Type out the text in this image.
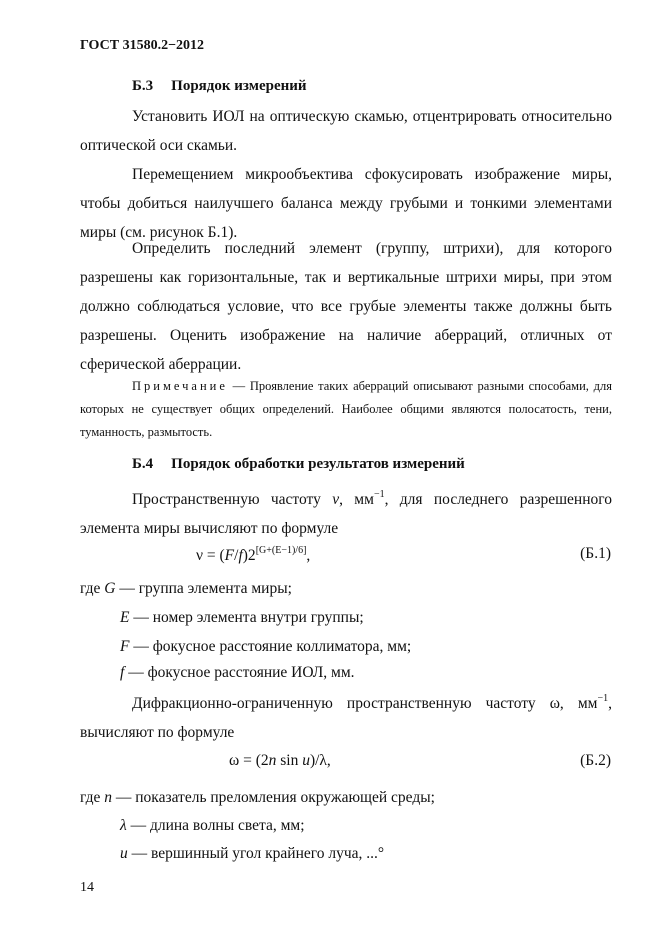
ГОСТ 31580.2−2012
Б.3 Порядок измерений
Установить ИОЛ на оптическую скамью, отцентрировать относительно оптической оси скамьи.
Перемещением микрообъектива сфокусировать изображение миры, чтобы добиться наилучшего баланса между грубыми и тонкими элементами миры (см. рисунок Б.1).
Определить последний элемент (группу, штрихи), для которого разрешены как горизонтальные, так и вертикальные штрихи миры, при этом должно соблюдаться условие, что все грубые элементы также должны быть разрешены. Оценить изображение на наличие аберраций, отличных от сферической аберрации.
Примечание — Проявление таких аберраций описывают разными способами, для которых не существует общих определений. Наиболее общими являются полосатость, тени, туманность, размытость.
Б.4 Порядок обработки результатов измерений
Пространственную частоту ν, $мм^{-1}$, для последнего разрешенного элемента миры вычисляют по формуле
ν = (F/f)2[G+(E−1)/6],	(Б.1)
где G — группа элемента миры;
E — номер элемента внутри группы;
F — фокусное расстояние коллиматора, мм;
f — фокусное расстояние ИОЛ, мм.
Дифракционно-ограниченную пространственную частоту ω, $мм^{-1}$, вычисляют по формуле
ω = (2n sin u)/λ,	(Б.2)
где n — показатель преломления окружающей среды;
λ — длина волны света, мм;
u — вершинный угол крайнего луча, ...°
14
